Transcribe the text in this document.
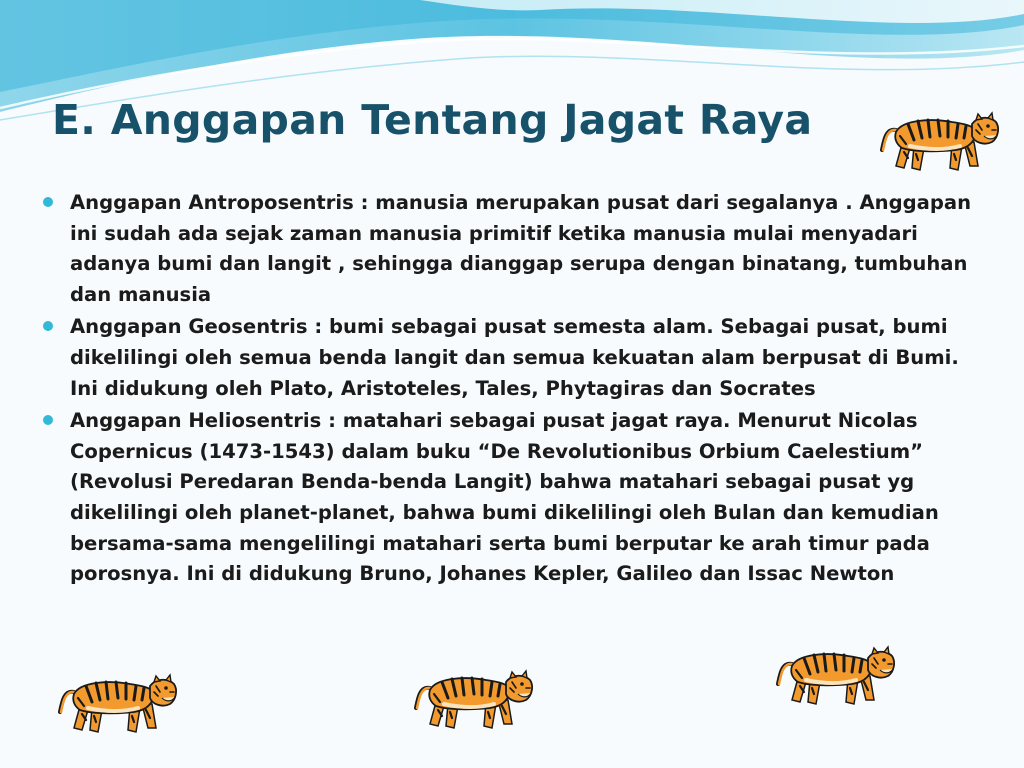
E. Anggapan Tentang Jagat Raya
Anggapan Antroposentris : manusia merupakan pusat dari segalanya . Anggapan ini sudah ada sejak zaman manusia primitif ketika manusia mulai menyadari adanya bumi dan langit , sehingga dianggap serupa dengan binatang, tumbuhan dan manusia
Anggapan Geosentris : bumi sebagai pusat semesta alam. Sebagai pusat, bumi dikelilingi oleh semua benda langit dan semua kekuatan alam berpusat di Bumi. Ini didukung oleh Plato, Aristoteles, Tales, Phytagiras dan Socrates
Anggapan Heliosentris : matahari sebagai pusat jagat raya. Menurut Nicolas Copernicus (1473-1543) dalam buku “De Revolutionibus Orbium Caelestium” (Revolusi Peredaran Benda-benda Langit) bahwa matahari sebagai pusat yg dikelilingi oleh planet-planet, bahwa bumi dikelilingi oleh Bulan dan kemudian bersama-sama mengelilingi matahari serta bumi berputar ke arah timur pada porosnya. Ini di didukung Bruno, Johanes Kepler, Galileo dan Issac Newton
